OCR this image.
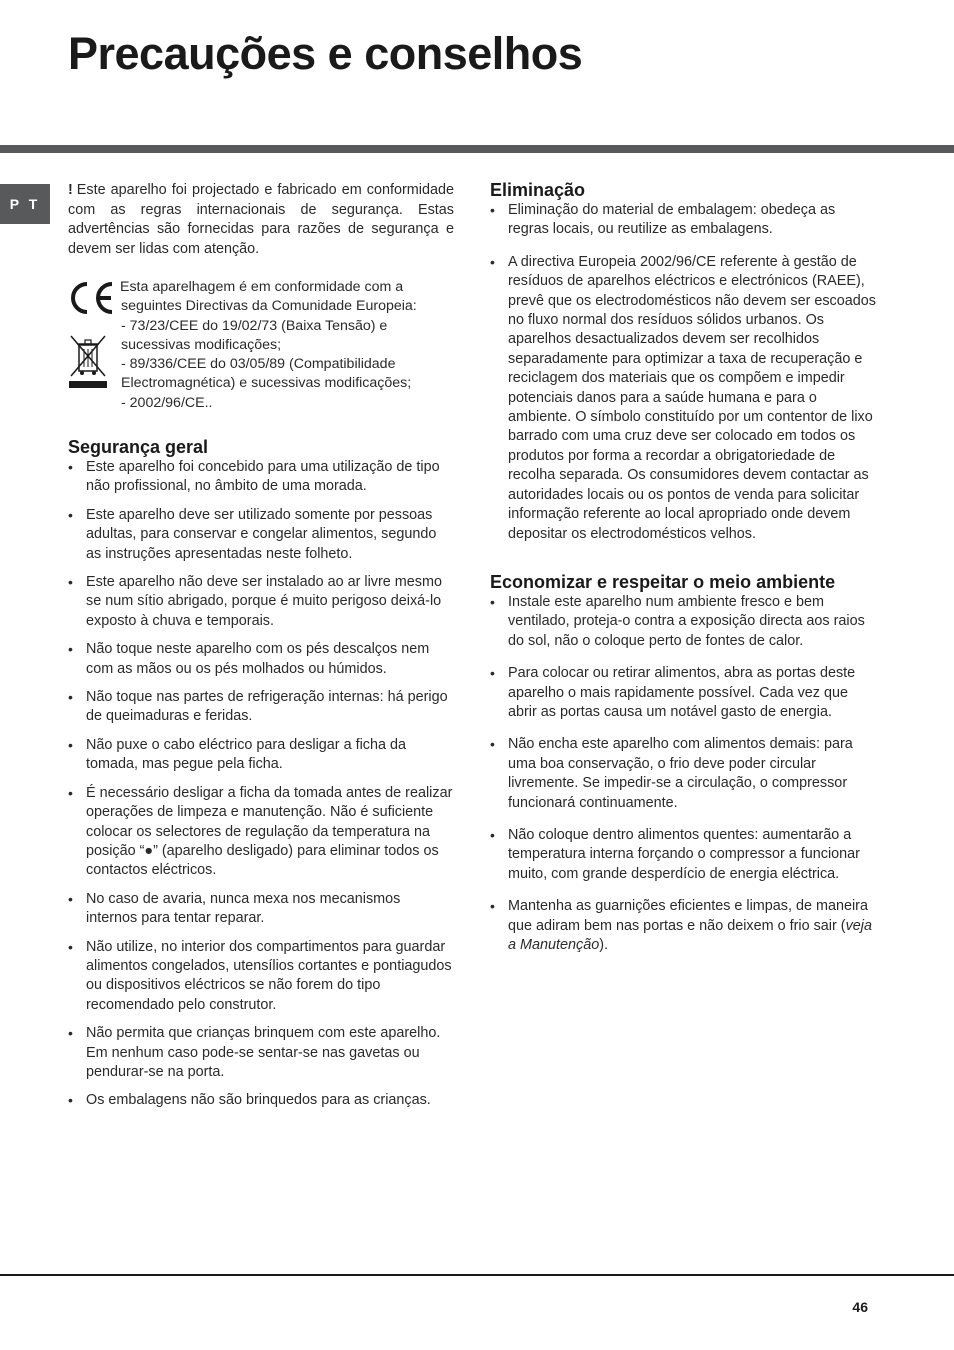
Precauções e conselhos
P T

! Este aparelho foi projectado e fabricado em conformidade com as regras internacionais de segurança. Estas advertências são fornecidas para razões de segurança e devem ser lidas com atenção.

Esta aparelhagem é em conformidade com a
seguintes Directivas da Comunidade Europeia:
- 73/23/CEE do 19/02/73 (Baixa Tensão) e
sucessivas modificações;
- 89/336/CEE do 03/05/89 (Compatibilidade
Electromagnética) e sucessivas modificações;
- 2002/96/CE..
Segurança geral
• Este aparelho foi concebido para uma utilização de tipo não profissional, no âmbito de uma morada.
• Este aparelho deve ser utilizado somente por pessoas adultas, para conservar e congelar alimentos, segundo as instruções apresentadas neste folheto.
• Este aparelho não deve ser instalado ao ar livre mesmo se num sítio abrigado, porque é muito perigoso deixá-lo exposto à chuva e temporais.
• Não toque neste aparelho com os pés descalços nem com as mãos ou os pés molhados ou húmidos.
• Não toque nas partes de refrigeração internas: há perigo de queimaduras e feridas.
• Não puxe o cabo eléctrico para desligar a ficha da tomada, mas pegue pela ficha.
• É necessário desligar a ficha da tomada antes de realizar operações de limpeza e manutenção. Não é suficiente colocar os selectores de regulação da temperatura na posição “●” (aparelho desligado) para eliminar todos os contactos eléctricos.
• No caso de avaria, nunca mexa nos mecanismos internos para tentar reparar.
• Não utilize, no interior dos compartimentos para guardar alimentos congelados, utensílios cortantes e pontiagudos ou dispositivos eléctricos se não forem do tipo recomendado pelo construtor.
• Não permita que crianças brinquem com este aparelho. Em nenhum caso pode-se sentar-se nas gavetas ou pendurar-se na porta.
• Os embalagens não são brinquedos para as crianças.
Eliminação
• Eliminação do material de embalagem: obedeça as regras locais, ou reutilize as embalagens.
• A directiva Europeia 2002/96/CE referente à gestão de resíduos de aparelhos eléctricos e electrónicos (RAEE), prevê que os electrodomésticos não devem ser escoados no fluxo normal dos resíduos sólidos urbanos. Os aparelhos desactualizados devem ser recolhidos separadamente para optimizar a taxa de recuperação e reciclagem dos materiais que os compõem e impedir potenciais danos para a saúde humana e para o ambiente. O símbolo constituído por um contentor de lixo barrado com uma cruz deve ser colocado em todos os produtos por forma a recordar a obrigatoriedade de recolha separada. Os consumidores devem contactar as autoridades locais ou os pontos de venda para solicitar informação referente ao local apropriado onde devem depositar os electrodomésticos velhos.
Economizar e respeitar o meio ambiente
• Instale este aparelho num ambiente fresco e bem ventilado, proteja-o contra a exposição directa aos raios do sol, não o coloque perto de fontes de calor.
• Para colocar ou retirar alimentos, abra as portas deste aparelho o mais rapidamente possível. Cada vez que abrir as portas causa um notável gasto de energia.
• Não encha este aparelho com alimentos demais: para uma boa conservação, o frio deve poder circular livremente. Se impedir-se a circulação, o compressor funcionará continuamente.
• Não coloque dentro alimentos quentes: aumentarão a temperatura interna forçando o compressor a funcionar muito, com grande desperdício de energia eléctrica.
• Mantenha as guarnições eficientes e limpas, de maneira que adiram bem nas portas e não deixem o frio sair (veja a Manutenção).
46
